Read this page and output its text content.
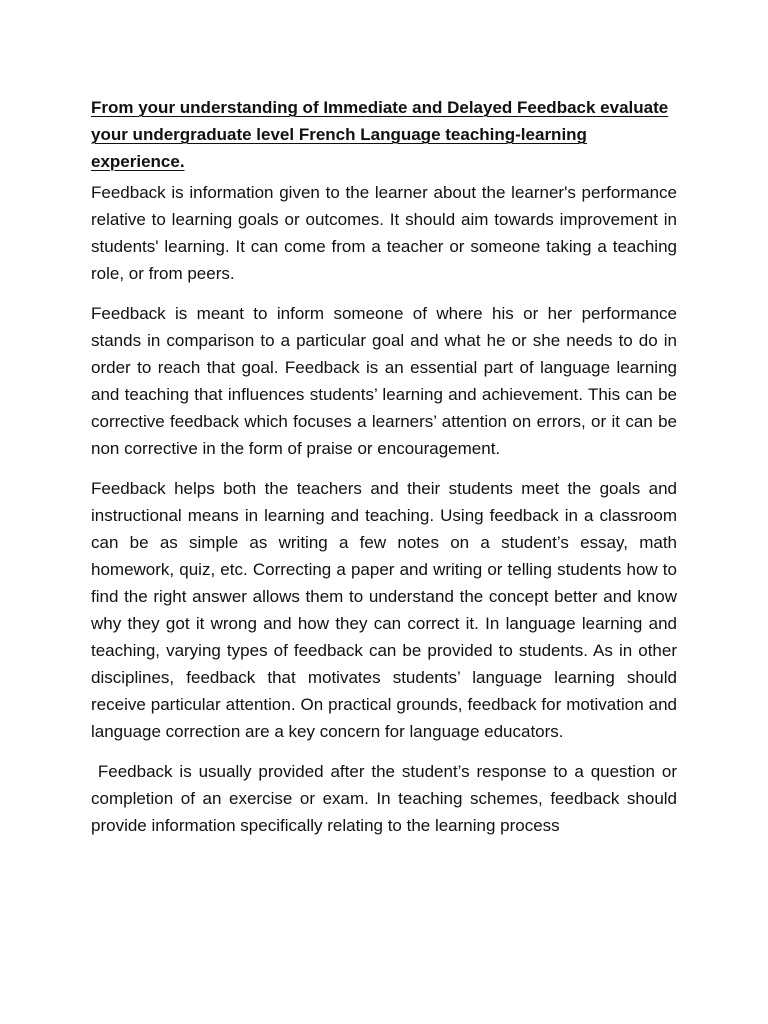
From your understanding of Immediate and Delayed Feedback evaluate your undergraduate level French Language teaching-learning experience.

Feedback is information given to the learner about the learner's performance relative to learning goals or outcomes. It should aim towards improvement in students' learning. It can come from a teacher or someone taking a teaching role, or from peers.

Feedback is meant to inform someone of where his or her performance stands in comparison to a particular goal and what he or she needs to do in order to reach that goal. Feedback is an essential part of language learning and teaching that influences students’ learning and achievement. This can be corrective feedback which focuses a learners’ attention on errors, or it can be non corrective in the form of praise or encouragement.

Feedback helps both the teachers and their students meet the goals and instructional means in learning and teaching. Using feedback in a classroom can be as simple as writing a few notes on a student’s essay, math homework, quiz, etc. Correcting a paper and writing or telling students how to find the right answer allows them to understand the concept better and know why they got it wrong and how they can correct it. In language learning and teaching, varying types of feedback can be provided to students. As in other disciplines, feedback that motivates students’ language learning should receive particular attention. On practical grounds, feedback for motivation and language correction are a key concern for language educators.

Feedback is usually provided after the student’s response to a question or completion of an exercise or exam. In teaching schemes, feedback should provide information specifically relating to the learning process
